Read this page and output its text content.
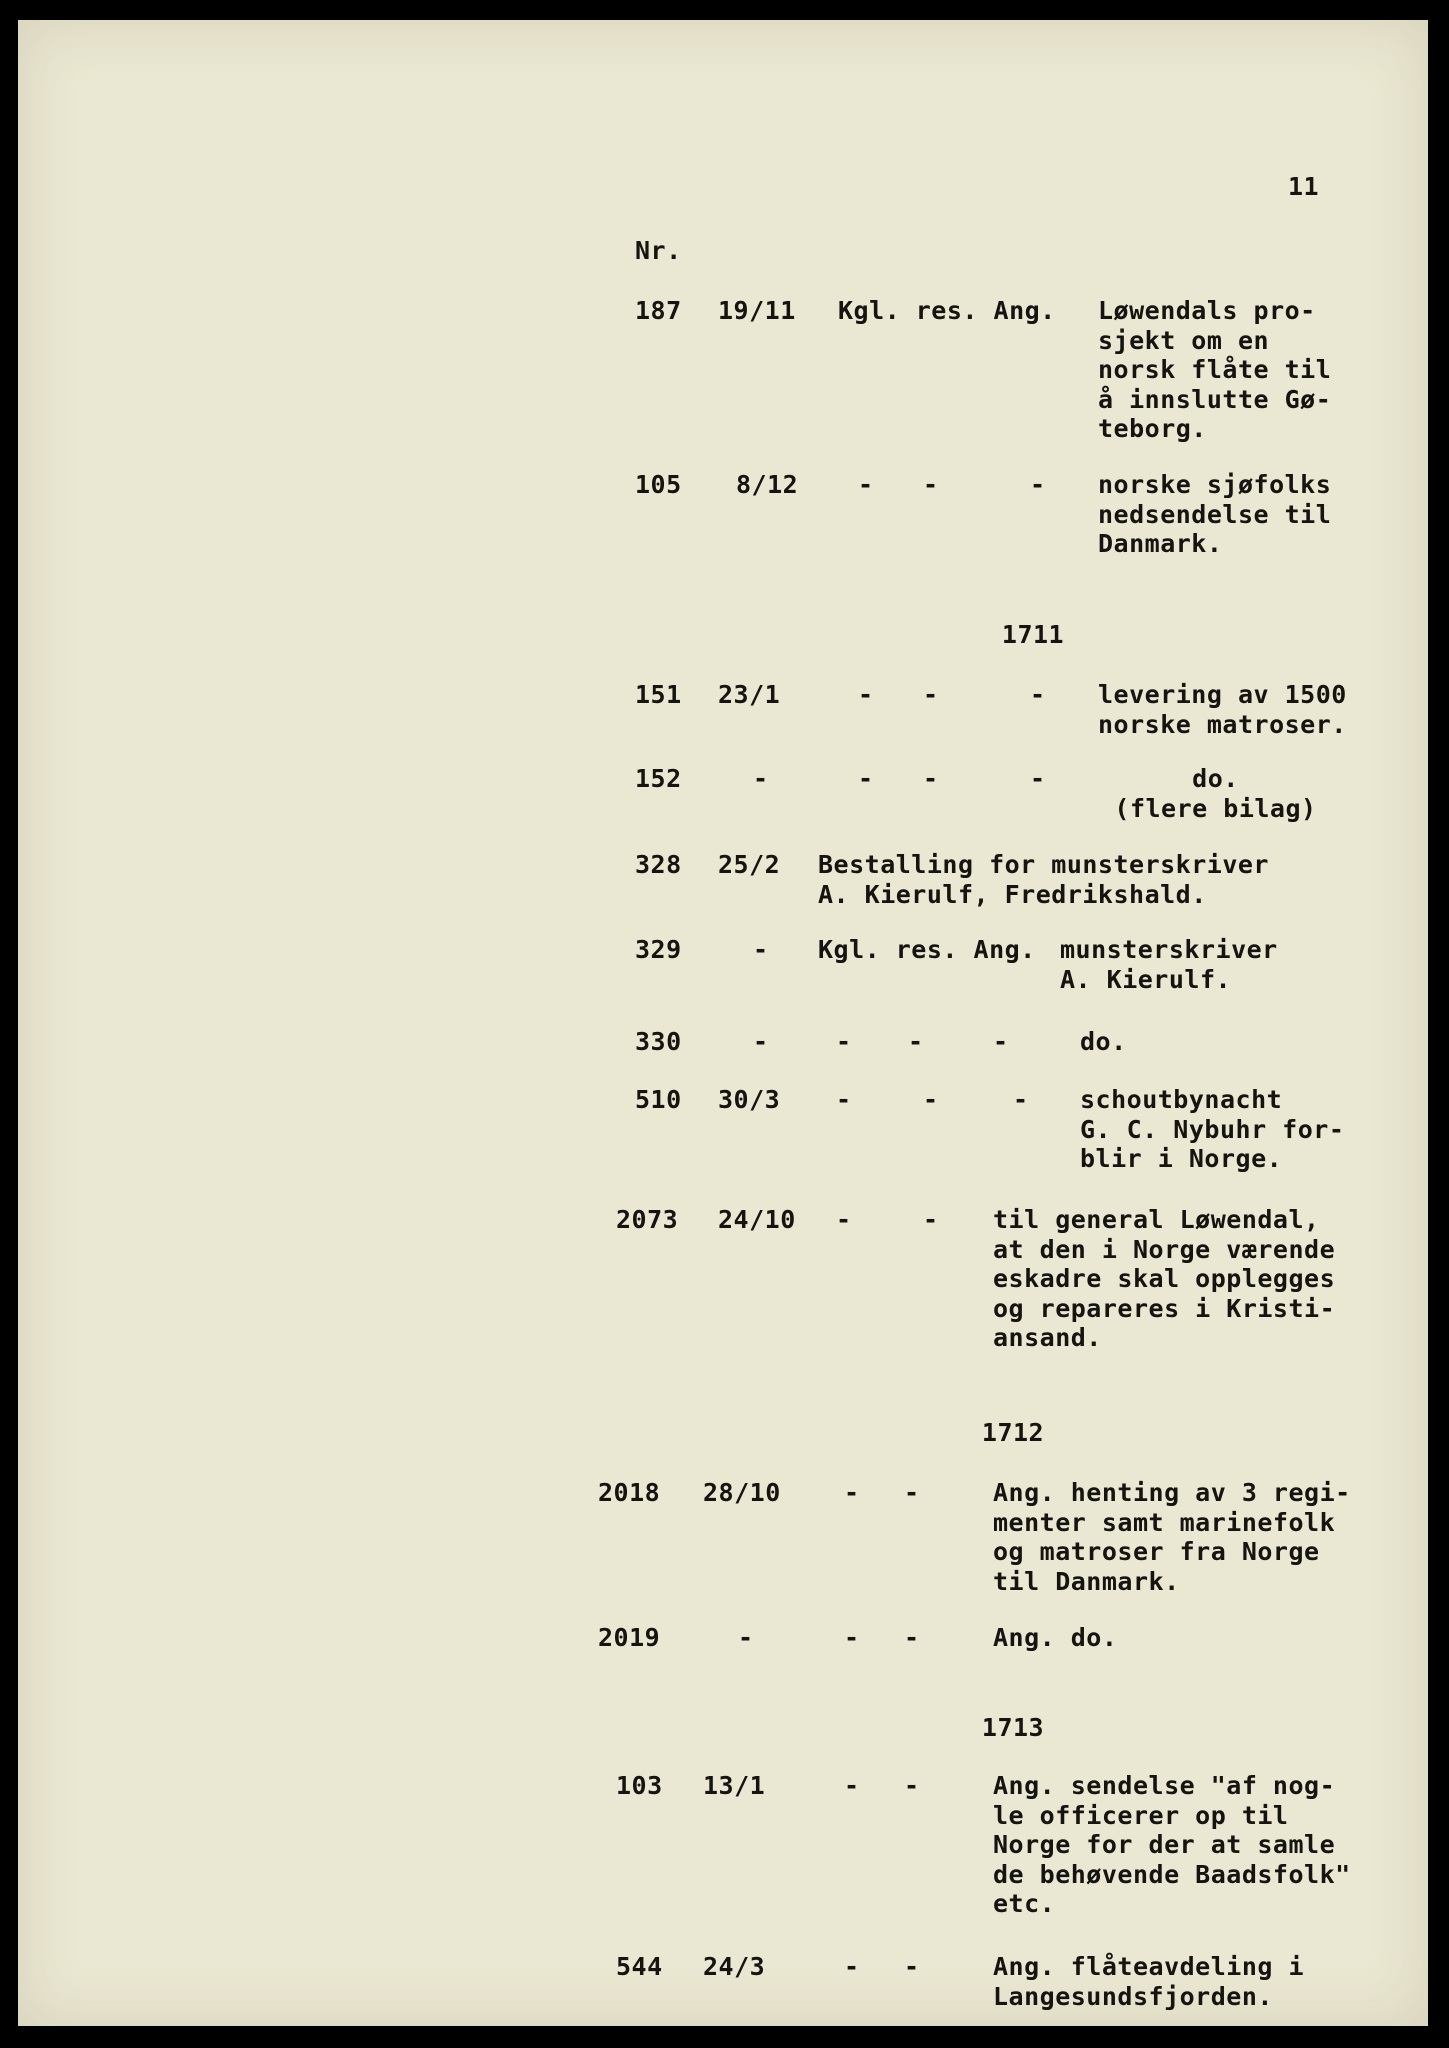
11
Nr.
187 19/11 Kgl. res. Ang. Løwendals pro-
sjekt om en
norsk flåte til
å innslutte Gø-
teborg.
105 8/12 - -	- norske sjøfolks
nedsendelse til
Danmark.
1711
151 23/1	- -	- levering av 1500
norske matroser.
152	-	- -	-	do.
(flere bilag)
328 25/2 Bestalling for munsterskriver
A. Kierulf, Fredrikshald.
329	- Kgl. res. Ang. munsterskriver
A. Kierulf.
330	-	- -	-	do.
510 30/3 -	-	- schoutbynacht
G. C. Nybuhr for-
blir i Norge.
2073 24/10 -	- til general Løwendal,
at den i Norge værende
eskadre skal opplegges
og repareres i Kristi-
ansand.
1712
2018 28/10	- -	Ang. henting av 3 regi-
menter samt marinefolk
og matroser fra Norge
til Danmark.
2019	-	- -	Ang. do.
1713
103 13/1	- -	Ang. sendelse "af nog-
le officerer op til
Norge for der at samle
de behøvende Baadsfolk"
etc.
544 24/3	- -	Ang. flåteavdeling i
Langesundsfjorden.
